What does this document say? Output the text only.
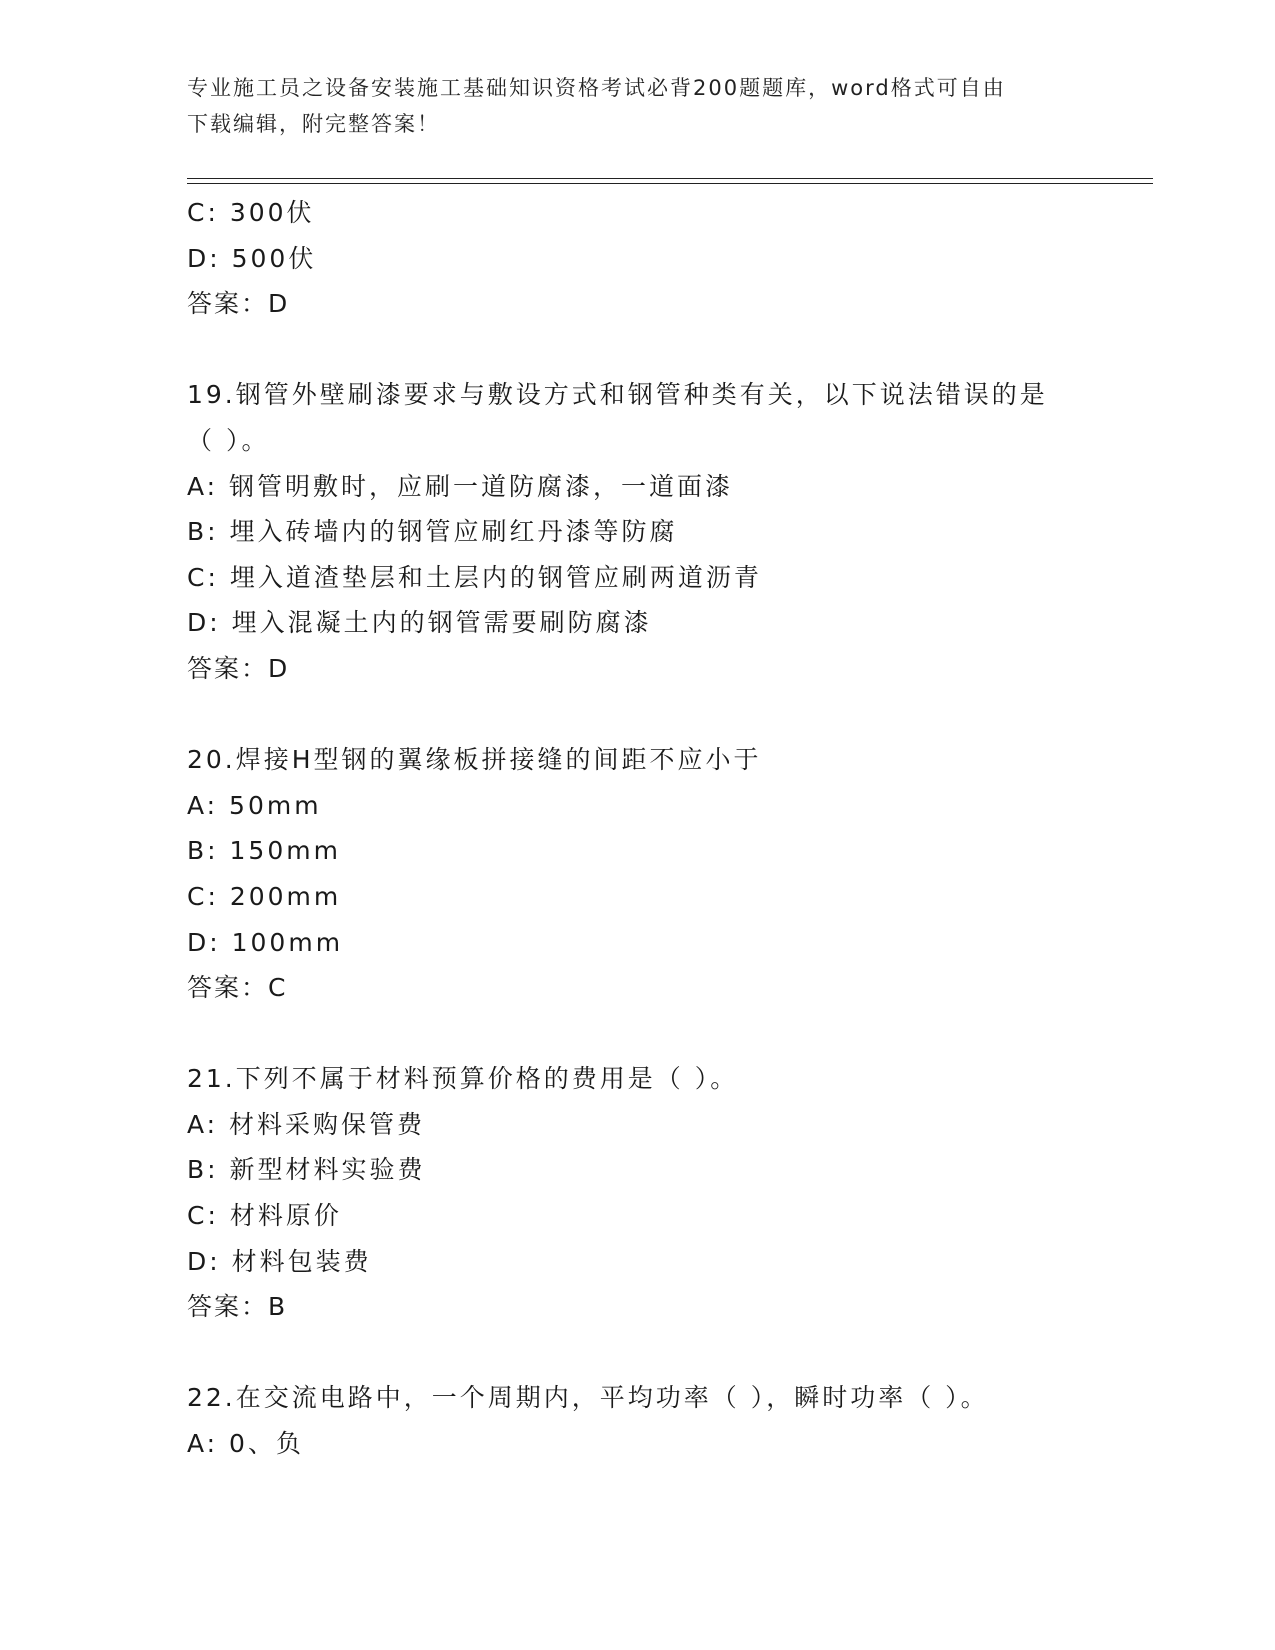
专业施工员之设备安装施工基础知识资格考试必背200题题库，word格式可自由
下载编辑，附完整答案！
C: 300伏
D: 500伏
答案：D
19.钢管外壁刷漆要求与敷设方式和钢管种类有关，以下说法错误的是
（ ）。
A: 钢管明敷时，应刷一道防腐漆，一道面漆
B: 埋入砖墙内的钢管应刷红丹漆等防腐
C: 埋入道渣垫层和土层内的钢管应刷两道沥青
D: 埋入混凝土内的钢管需要刷防腐漆
答案：D
20.焊接H型钢的翼缘板拼接缝的间距不应小于
A: 50mm
B: 150mm
C: 200mm
D: 100mm
答案：C
21.下列不属于材料预算价格的费用是（ ）。
A: 材料采购保管费
B: 新型材料实验费
C: 材料原价
D: 材料包装费
答案：B
22.在交流电路中，一个周期内，平均功率（ ），瞬时功率（ ）。
A: 0、负
